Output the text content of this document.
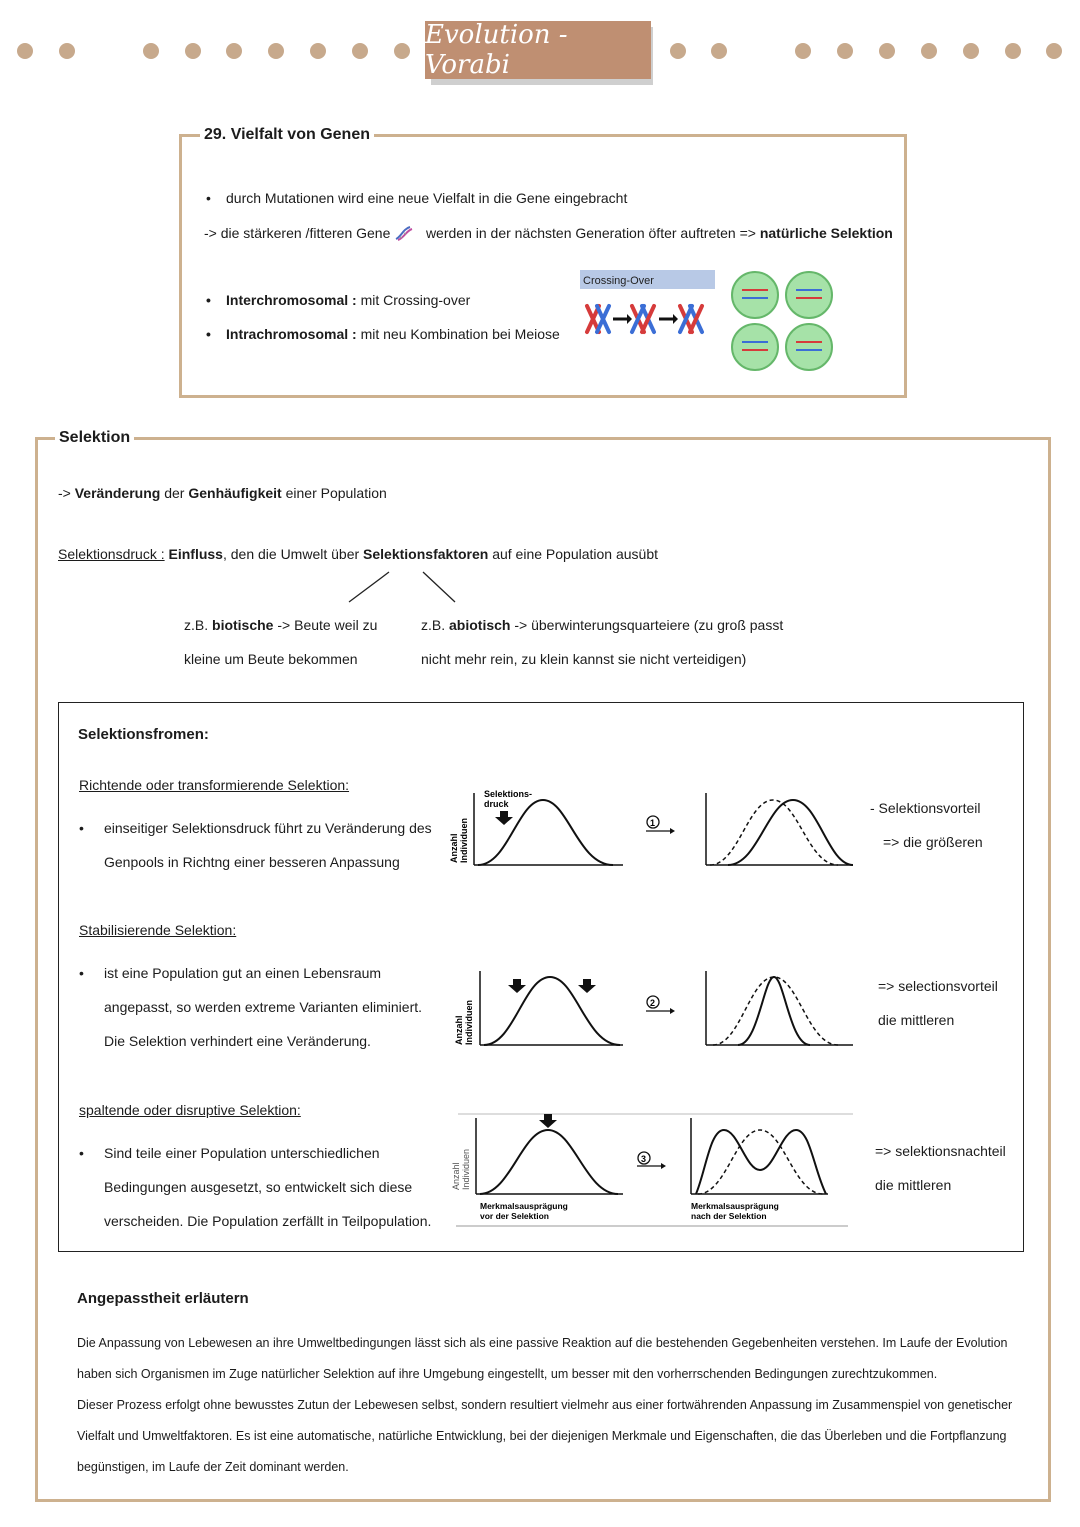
Evolution - Vorabi
29. Vielfalt von Genen
• durch Mutationen wird eine neue Vielfalt in die Gene eingebracht
-> die stärkeren /fitteren Gene	werden in der nächsten Generation öfter auftreten => natürliche Selektion
• Interchromosomal : mit Crossing-over
• Intrachromosomal : mit neu Kombination bei Meiose
Crossing-Over
Selektion
-> Veränderung der Genhäufigkeit einer Population
Selektionsdruck : Einfluss, den die Umwelt über Selektionsfaktoren auf eine Population ausübt
z.B. biotische -> Beute weil zu
kleine um Beute bekommen
z.B. abiotisch -> überwinterungsquarteiere (zu groß passt
nicht mehr rein, zu klein kannst sie nicht verteidigen)
Selektionsfromen:
Richtende oder transformierende Selektion:
• einseitiger Selektionsdruck führt zu Veränderung des
Genpools in Richtng einer besseren Anpassung
- Selektionsvorteil
=> die größeren
Selektions-
druck
Anzahl Individuen	1
Stabilisierende Selektion:
• ist eine Population gut an einen Lebensraum
angepasst, so werden extreme Varianten eliminiert.
Die Selektion verhindert eine Veränderung.
=> selectionsvorteil
die mittleren
Anzahl Individuen	2
spaltende oder disruptive Selektion:
• Sind teile einer Population unterschiedlichen
Bedingungen ausgesetzt, so entwickelt sich diese
verscheiden. Die Population zerfällt in Teilpopulation.
=> selektionsnachteil
die mittleren
Anzahl Individuen
Merkmalsausprägung
vor der Selektion
3
Merkmalsausprägung
nach der Selektion
Angepasstheit erläutern
Die Anpassung von Lebewesen an ihre Umweltbedingungen lässt sich als eine passive Reaktion auf die bestehenden Gegebenheiten verstehen. Im Laufe der Evolution haben sich Organismen im Zuge natürlicher Selektion auf ihre Umgebung eingestellt, um besser mit den vorherrschenden Bedingungen zurechtzukommen.
Dieser Prozess erfolgt ohne bewusstes Zutun der Lebewesen selbst, sondern resultiert vielmehr aus einer fortwährenden Anpassung im Zusammenspiel von genetischer Vielfalt und Umweltfaktoren. Es ist eine automatische, natürliche Entwicklung, bei der diejenigen Merkmale und Eigenschaften, die das Überleben und die Fortpflanzung begünstigen, im Laufe der Zeit dominant werden.
